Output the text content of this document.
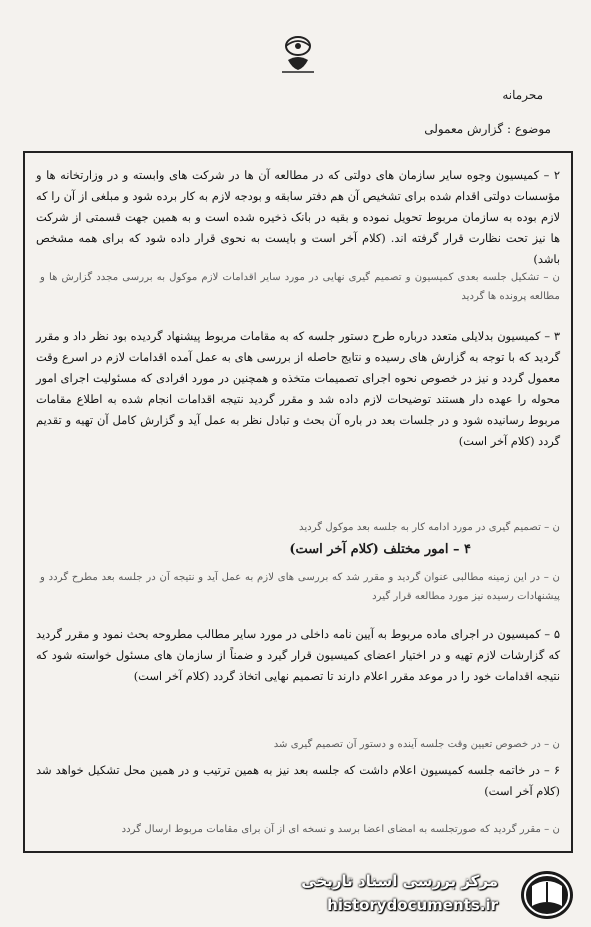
محرمانه
موضوع : گزارش معمولی
۲ – کمیسیون وجوه سایر سازمان های دولتی که در مطالعه آن ها در شرکت های وابسته و در وزارتخانه ها و مؤسسات دولتی اقدام شده برای تشخیص آن هم دفتر سابقه و بودجه لازم به کار برده شود و مبلغی از آن را که لازم بوده به سازمان مربوط تحویل نموده و بقیه در بانک ذخیره شده است و به همین جهت قسمتی از شرکت ها نیز تحت نظارت قرار گرفته اند. (کلام آخر است و بایست به نحوی قرار داده شود که برای همه مشخص باشد)
ن – تشکیل جلسه بعدی کمیسیون و تصمیم گیری نهایی در مورد سایر اقدامات لازم موکول به بررسی مجدد گزارش ها و مطالعه پرونده ها گردید
۳ – کمیسیون بدلایلی متعدد درباره طرح دستور جلسه که به مقامات مربوط پیشنهاد گردیده بود نظر داد و مقرر گردید که با توجه به گزارش های رسیده و نتایج حاصله از بررسی های به عمل آمده اقدامات لازم در اسرع وقت معمول گردد و نیز در خصوص نحوه اجرای تصمیمات متخذه و همچنین در مورد افرادی که مسئولیت اجرای امور محوله را عهده دار هستند توضیحات لازم داده شد و مقرر گردید نتیجه اقدامات انجام شده به اطلاع مقامات مربوط رسانیده شود و در جلسات بعد در باره آن بحث و تبادل نظر به عمل آید و گزارش کامل آن تهیه و تقدیم گردد (کلام آخر است)
ن – تصمیم گیری در مورد ادامه کار به جلسه بعد موکول گردید
۴ – امور مختلف (کلام آخر است)
ن – در این زمینه مطالبی عنوان گردید و مقرر شد که بررسی های لازم به عمل آید و نتیجه آن در جلسه بعد مطرح گردد و پیشنهادات رسیده نیز مورد مطالعه قرار گیرد
۵ – کمیسیون در اجرای ماده مربوط به آیین نامه داخلی در مورد سایر مطالب مطروحه بحث نمود و مقرر گردید که گزارشات لازم تهیه و در اختیار اعضای کمیسیون قرار گیرد و ضمناً از سازمان های مسئول خواسته شود که نتیجه اقدامات خود را در موعد مقرر اعلام دارند تا تصمیم نهایی اتخاذ گردد (کلام آخر است)
ن – در خصوص تعیین وقت جلسه آینده و دستور آن تصمیم گیری شد
۶ – در خاتمه جلسه کمیسیون اعلام داشت که جلسه بعد نیز به همین ترتیب و در همین محل تشکیل خواهد شد (کلام آخر است)
ن – مقرر گردید که صورتجلسه به امضای اعضا برسد و نسخه ای از آن برای مقامات مربوط ارسال گردد
مرکز بررسی اسناد تاریخی
historydocuments.ir
